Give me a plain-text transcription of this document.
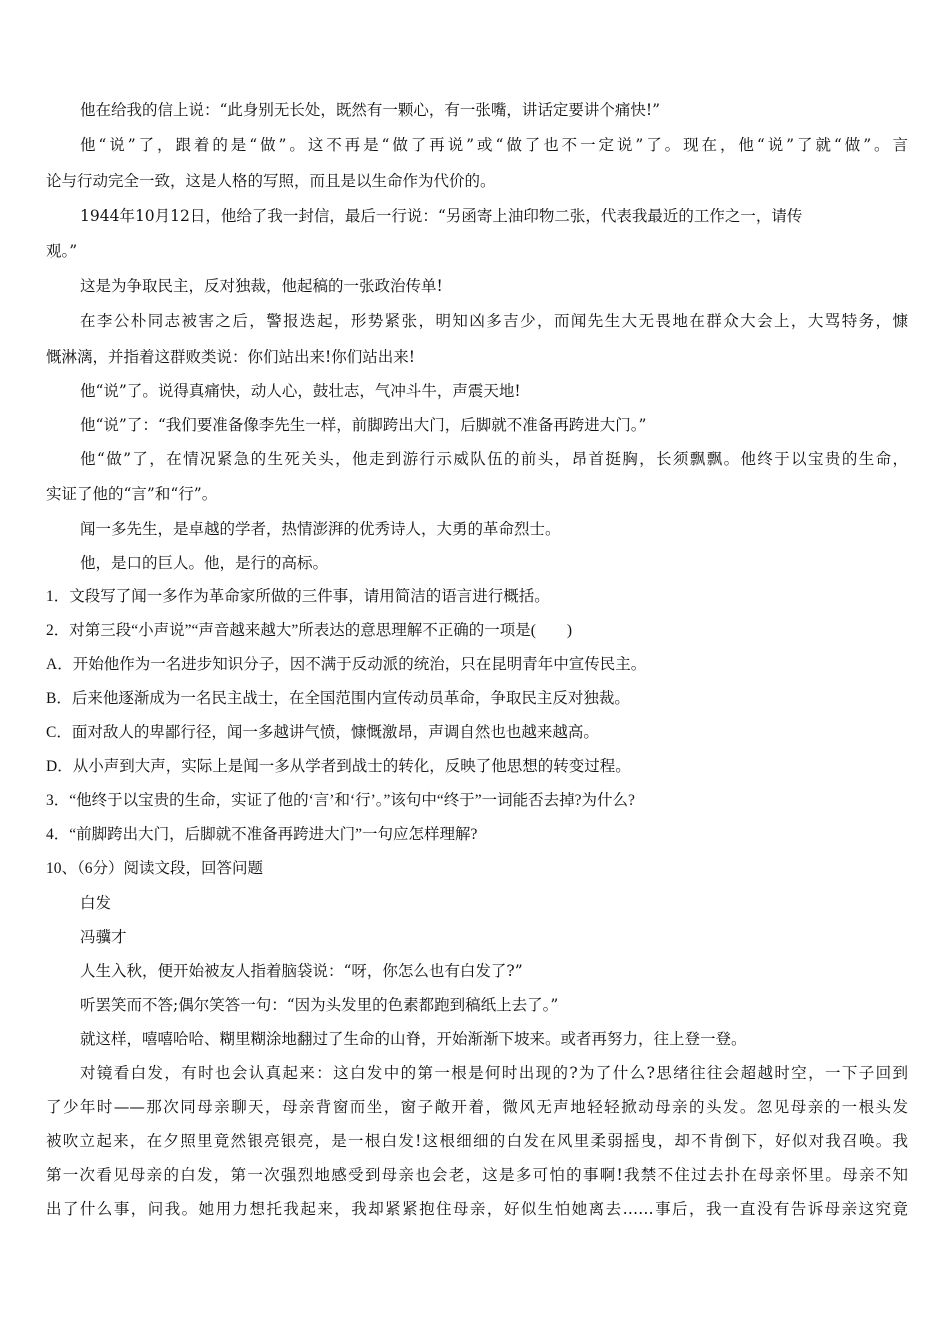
他在给我的信上说：“此身别无长处，既然有一颗心，有一张嘴，讲话定要讲个痛快!”
他“说”了，跟着的是“做”。这不再是“做了再说”或“做了也不一定说”了。现在，他“说”了就“做”。言
论与行动完全一致，这是人格的写照，而且是以生命作为代价的。
1944年10月12日，他给了我一封信，最后一行说：“另函寄上油印物二张，代表我最近的工作之一，请传
观。”
这是为争取民主，反对独裁，他起稿的一张政治传单!
在李公朴同志被害之后，警报迭起，形势紧张，明知凶多吉少，而闻先生大无畏地在群众大会上，大骂特务，慷
慨淋漓，并指着这群败类说：你们站出来!你们站出来!
他“说”了。说得真痛快，动人心，鼓壮志，气冲斗牛，声震天地!
他“说”了：“我们要准备像李先生一样，前脚跨出大门，后脚就不准备再跨进大门。”
他“做”了，在情况紧急的生死关头，他走到游行示威队伍的前头，昂首挺胸，长须飘飘。他终于以宝贵的生命，
实证了他的“言”和“行”。
闻一多先生，是卓越的学者，热情澎湃的优秀诗人，大勇的革命烈士。
他，是口的巨人。他，是行的高标。
1．文段写了闻一多作为革命家所做的三件事，请用简洁的语言进行概括。
2．对第三段“小声说”“声音越来越大”所表达的意思理解不正确的一项是(　　)
A．开始他作为一名进步知识分子，因不满于反动派的统治，只在昆明青年中宣传民主。
B．后来他逐渐成为一名民主战士，在全国范围内宣传动员革命，争取民主反对独裁。
C．面对敌人的卑鄙行径，闻一多越讲气愤，慷慨激昂，声调自然也也越来越高。
D．从小声到大声，实际上是闻一多从学者到战士的转化，反映了他思想的转变过程。
3．“他终于以宝贵的生命，实证了他的‘言’和‘行’。”该句中“终于”一词能否去掉?为什么?
4．“前脚跨出大门，后脚就不准备再跨进大门”一句应怎样理解?
10、（6分）阅读文段，回答问题
白发
冯骥才
人生入秋，便开始被友人指着脑袋说：“呀，你怎么也有白发了?”
听罢笑而不答;偶尔笑答一句：“因为头发里的色素都跑到稿纸上去了。”
就这样，嘻嘻哈哈、糊里糊涂地翻过了生命的山脊，开始渐渐下坡来。或者再努力，往上登一登。
对镜看白发，有时也会认真起来：这白发中的第一根是何时出现的?为了什么?思绪往往会超越时空，一下子回到
了少年时——那次同母亲聊天，母亲背窗而坐，窗子敞开着，微风无声地轻轻掀动母亲的头发。忽见母亲的一根头发
被吹立起来，在夕照里竟然银亮银亮，是一根白发!这根细细的白发在风里柔弱摇曳，却不肯倒下，好似对我召唤。我
第一次看见母亲的白发，第一次强烈地感受到母亲也会老，这是多可怕的事啊!我禁不住过去扑在母亲怀里。母亲不知
出了什么事，问我。她用力想托我起来，我却紧紧抱住母亲，好似生怕她离去……事后，我一直没有告诉母亲这究竟
